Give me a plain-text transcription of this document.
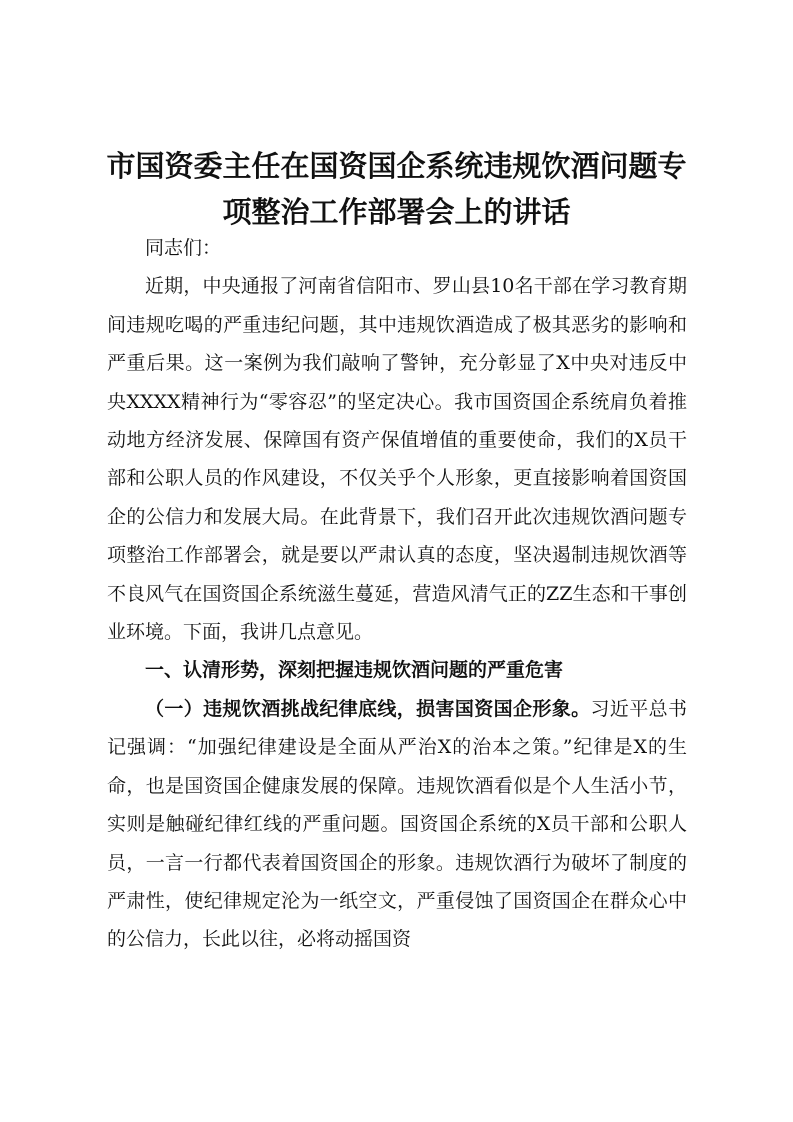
市国资委主任在国资国企系统违规饮酒问题专项整治工作部署会上的讲话

同志们：

近期，中央通报了河南省信阳市、罗山县10名干部在学习教育期间违规吃喝的严重违纪问题，其中违规饮酒造成了极其恶劣的影响和严重后果。这一案例为我们敲响了警钟，充分彰显了X中央对违反中央XXXX精神行为“零容忍”的坚定决心。我市国资国企系统肩负着推动地方经济发展、保障国有资产保值增值的重要使命，我们的X员干部和公职人员的作风建设，不仅关乎个人形象，更直接影响着国资国企的公信力和发展大局。在此背景下，我们召开此次违规饮酒问题专项整治工作部署会，就是要以严肃认真的态度，坚决遏制违规饮酒等不良风气在国资国企系统滋生蔓延，营造风清气正的ZZ生态和干事创业环境。下面，我讲几点意见。

一、认清形势，深刻把握违规饮酒问题的严重危害

（一）违规饮酒挑战纪律底线，损害国资国企形象。习近平总书记强调：“加强纪律建设是全面从严治X的治本之策。”纪律是X的生命，也是国资国企健康发展的保障。违规饮酒看似是个人生活小节，实则是触碰纪律红线的严重问题。国资国企系统的X员干部和公职人员，一言一行都代表着国资国企的形象。违规饮酒行为破坏了制度的严肃性，使纪律规定沦为一纸空文，严重侵蚀了国资国企在群众心中的公信力，长此以往，必将动摇国资
